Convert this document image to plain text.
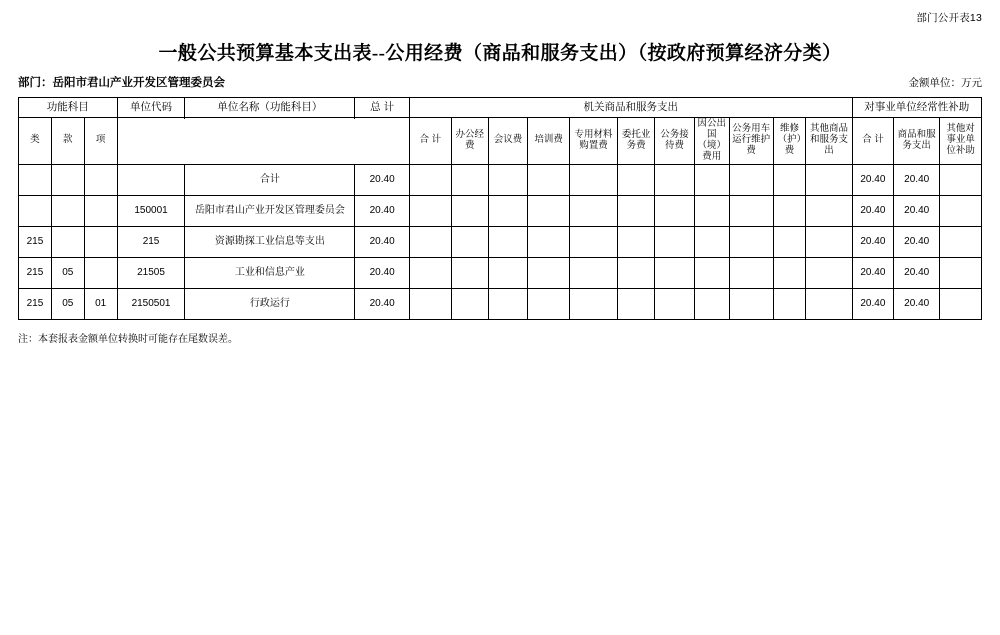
部门公开表13
一般公共预算基本支出表--公用经费（商品和服务支出）（按政府预算经济分类）
部门：岳阳市君山产业开发区管理委员会	金额单位：万元
功能科目			单位代码	单位名称（功能科目）	总 计	机关商品和服务支出											对事业单位经常性补助		
类	款	项				合 计	办公经费	会议费	培训费	专用材料购置费	委托业务费	公务接待费	因公出国（境）费用	公务用车运行维护费	维修（护）费	其他商品和服务支出	合 计	商品和服务支出	其他对事业单位补助

				合计	20.40												20.40	20.40	
			150001	岳阳市君山产业开发区管理委员会	20.40												20.40	20.40	
215			215	资源勘探工业信息等支出	20.40												20.40	20.40	
215	05		21505	工业和信息产业	20.40												20.40	20.40	
215	05	01	2150501	行政运行	20.40												20.40	20.40	
注：本套报表金额单位转换时可能存在尾数误差。
